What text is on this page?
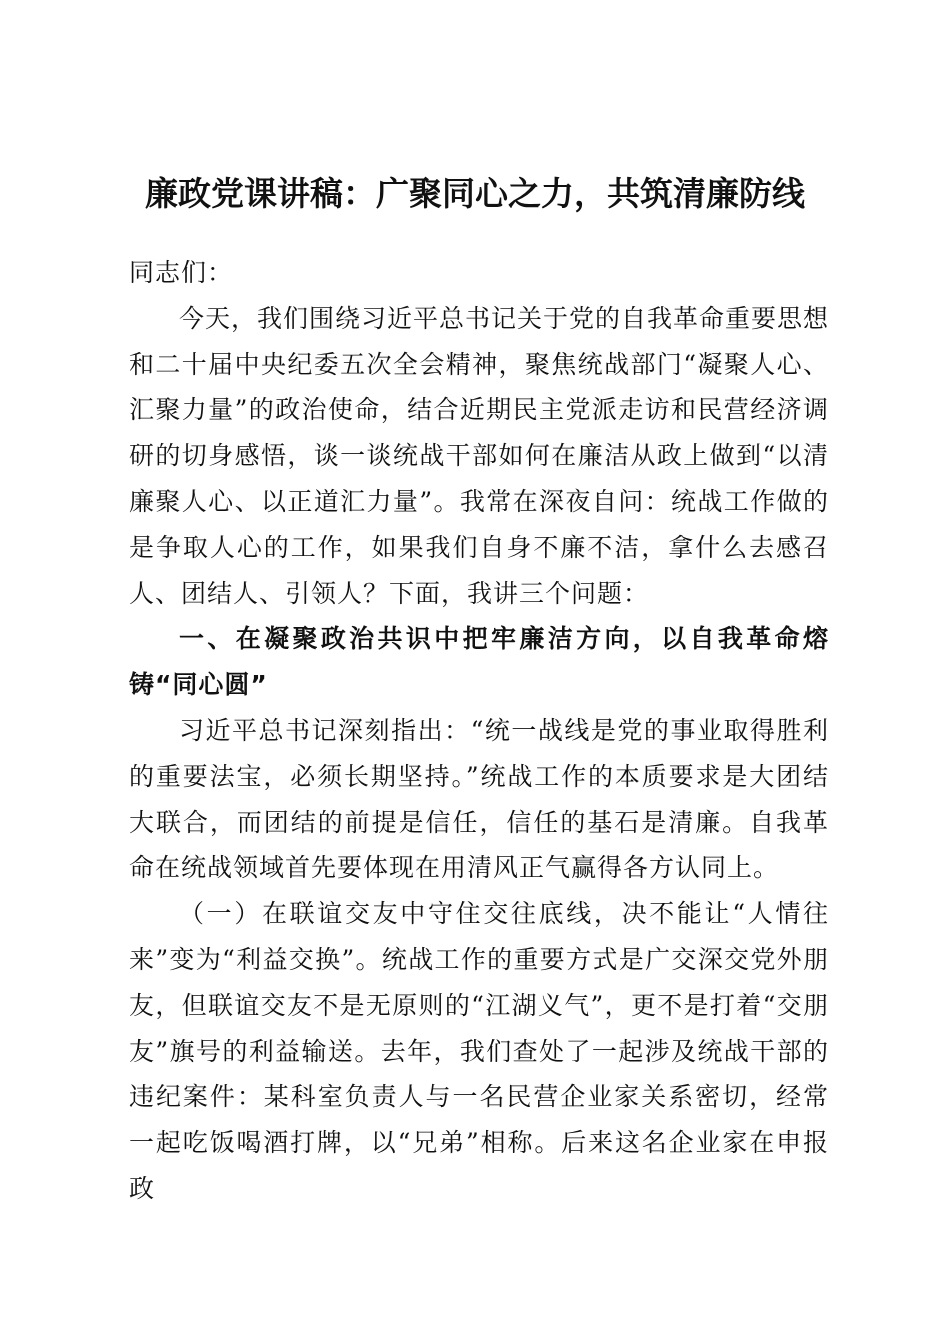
廉政党课讲稿：广聚同心之力，共筑清廉防线

同志们：

今天，我们围绕习近平总书记关于党的自我革命重要思想和二十届中央纪委五次全会精神，聚焦统战部门“凝聚人心、汇聚力量”的政治使命，结合近期民主党派走访和民营经济调研的切身感悟，谈一谈统战干部如何在廉洁从政上做到“以清廉聚人心、以正道汇力量”。我常在深夜自问：统战工作做的是争取人心的工作，如果我们自身不廉不洁，拿什么去感召人、团结人、引领人？下面，我讲三个问题：

一、在凝聚政治共识中把牢廉洁方向，以自我革命熔铸“同心圆”

习近平总书记深刻指出：“统一战线是党的事业取得胜利的重要法宝，必须长期坚持。”统战工作的本质要求是大团结大联合，而团结的前提是信任，信任的基石是清廉。自我革命在统战领域首先要体现在用清风正气赢得各方认同上。

（一）在联谊交友中守住交往底线，决不能让“人情往来”变为“利益交换”。统战工作的重要方式是广交深交党外朋友，但联谊交友不是无原则的“江湖义气”，更不是打着“交朋友”旗号的利益输送。去年，我们查处了一起涉及统战干部的违纪案件：某科室负责人与一名民营企业家关系密切，经常一起吃饭喝酒打牌，以“兄弟”相称。后来这名企业家在申报政
